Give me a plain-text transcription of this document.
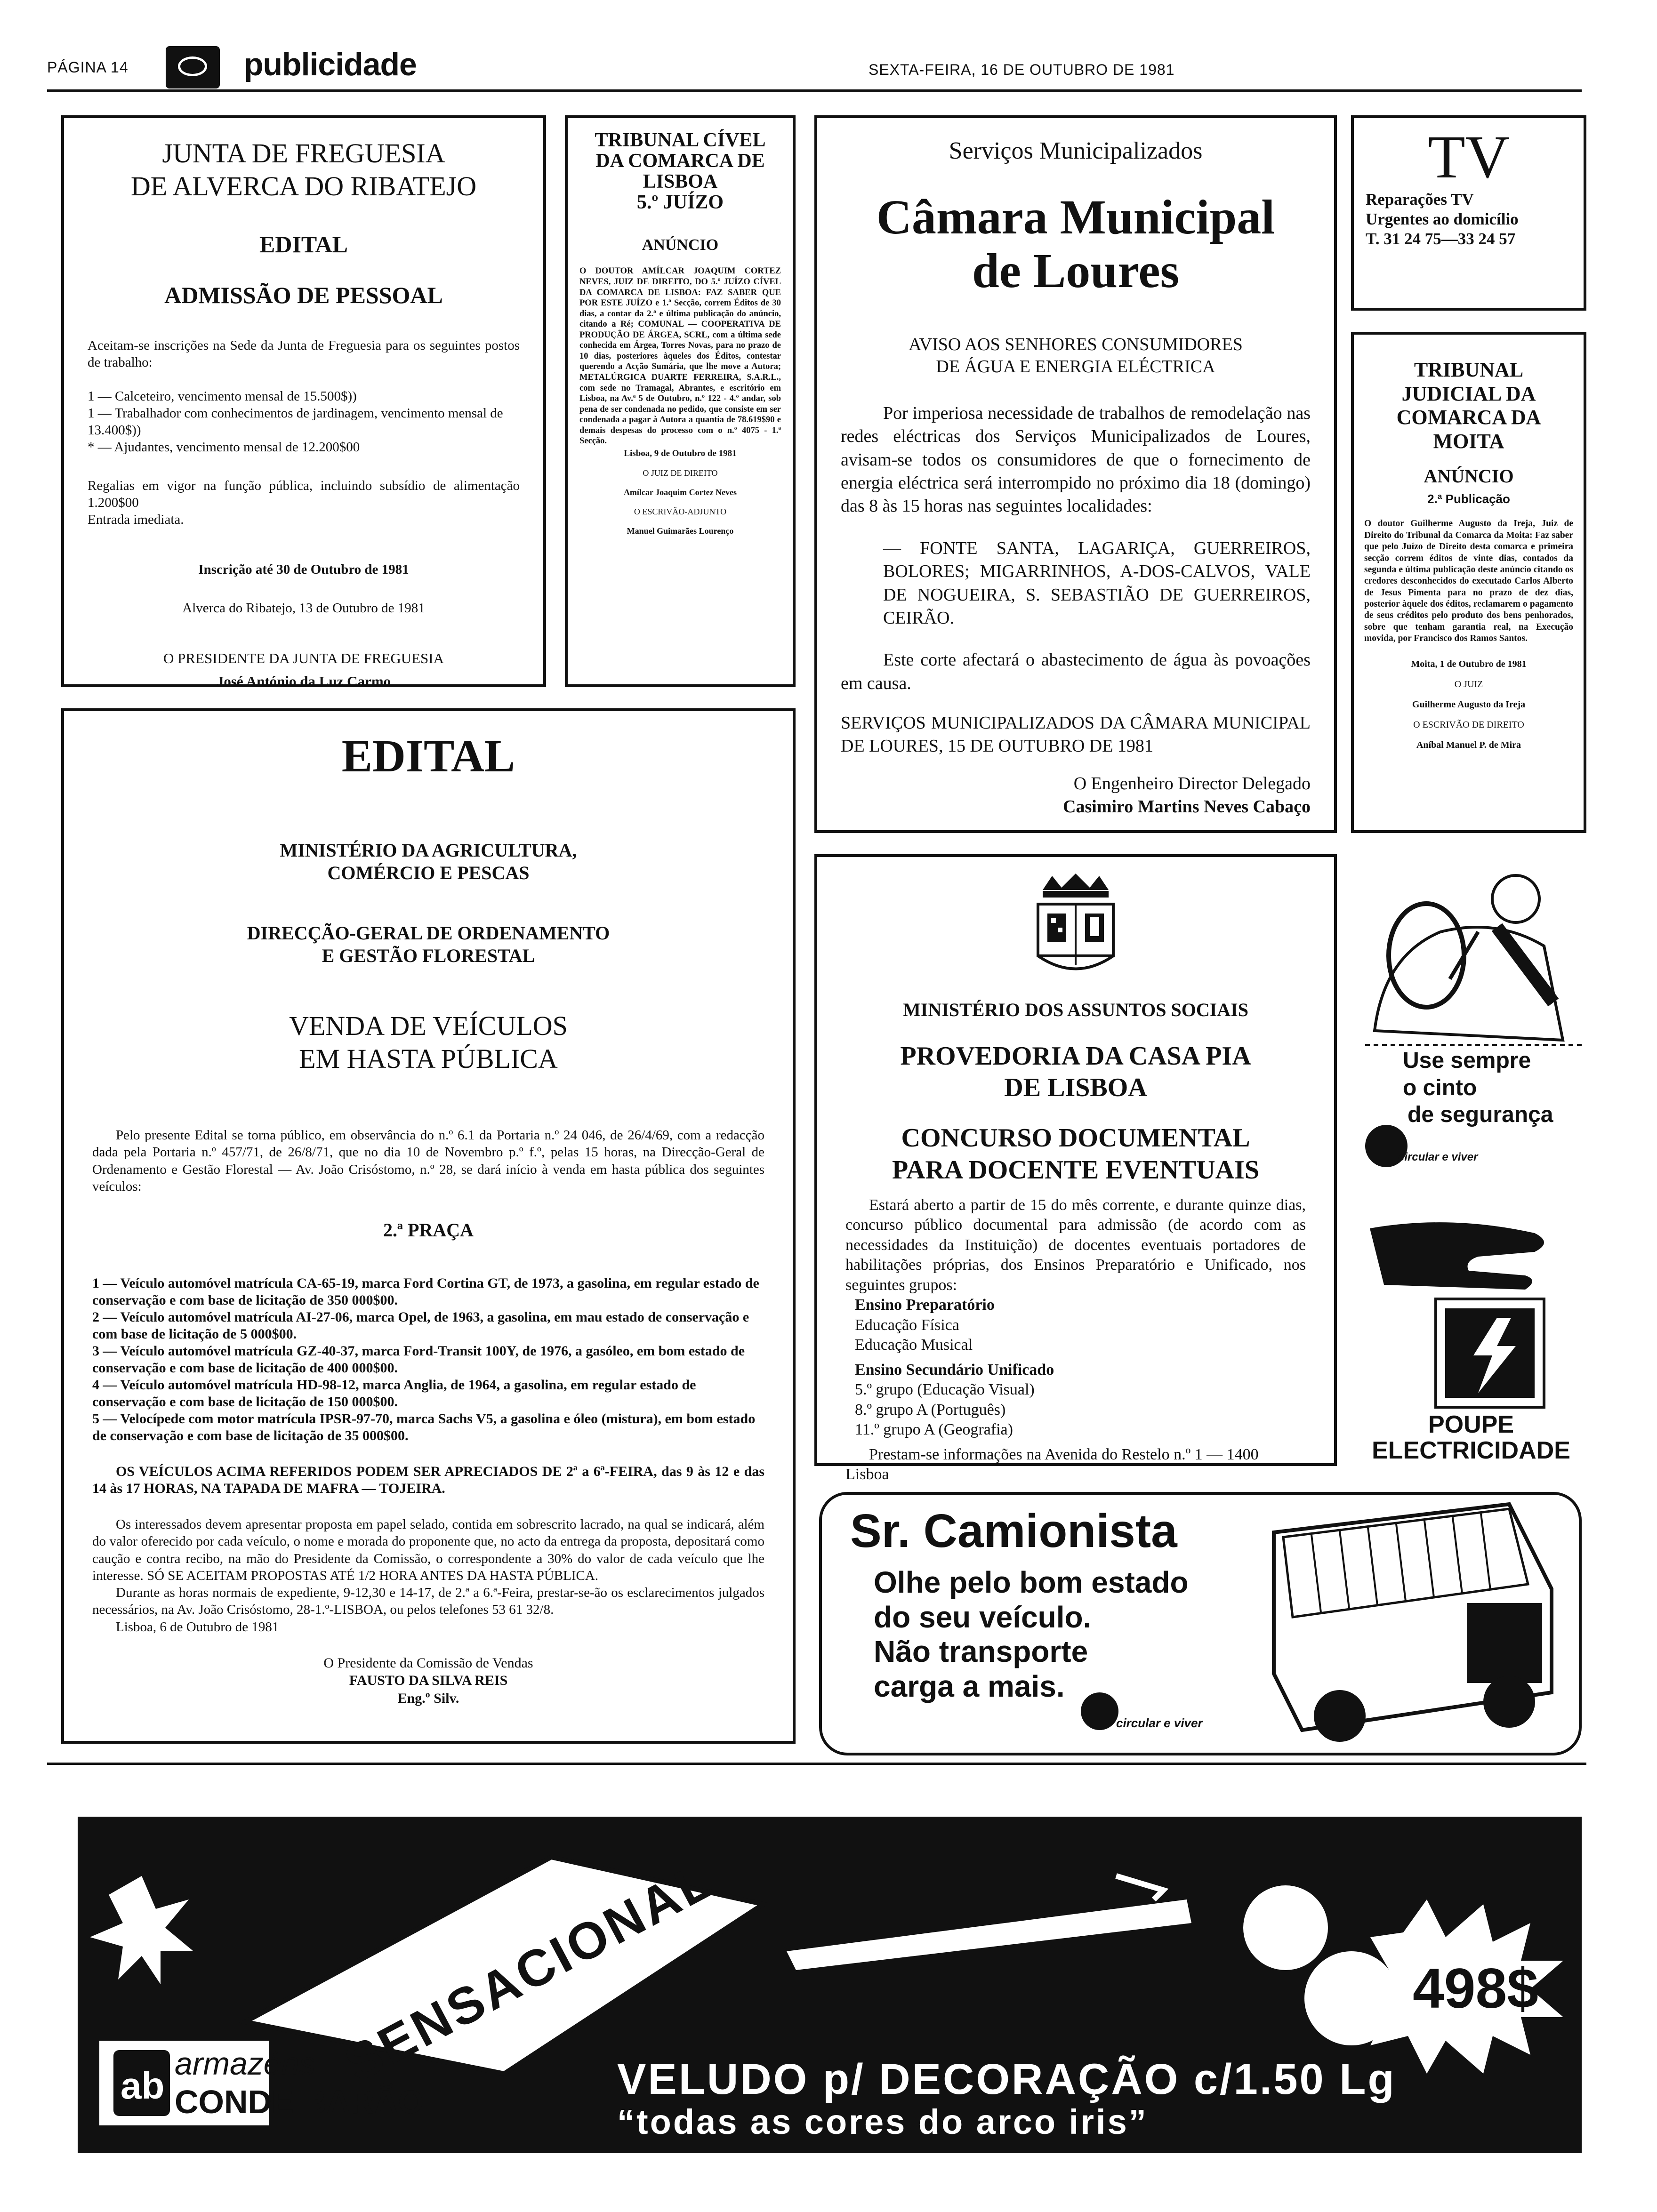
PÁGINA 14	publicidade	SEXTA-FEIRA, 16 DE OUTUBRO DE 1981
JUNTA DE FREGUESIA
DE ALVERCA DO RIBATEJO
EDITAL
ADMISSÃO DE PESSOAL

Aceitam-se inscrições na Sede da Junta de Freguesia para os seguintes postos de trabalho:

1 — Calceteiro, vencimento mensal de 15.500$))

1 — Trabalhador com conhecimentos de jardinagem, vencimento mensal de 13.400$))

* — Ajudantes, vencimento mensal de 12.200$00

Regalias em vigor na função pública, incluindo subsídio de alimentação 1.200$00

Entrada imediata.

Inscrição até 30 de Outubro de 1981

Alverca do Ribatejo, 13 de Outubro de 1981

O PRESIDENTE DA JUNTA DE FREGUESIA

José António da Luz Carmo

TRIBUNAL CÍVEL DA COMARCA DE LISBOA
5.º JUÍZO

ANÚNCIO

O DOUTOR AMÍLCAR JOAQUIM CORTEZ NEVES, JUIZ DE DIREITO, DO 5.º JUÍZO CÍVEL DA COMARCA DE LISBOA: FAZ SABER QUE POR ESTE JUÍZO e 1.ª Secção, correm Éditos de 30 dias, a contar da 2.ª e última publicação do anúncio, citando a Ré; COMUNAL — COOPERATIVA DE PRODUÇÃO DE ÁRGEA, SCRL, com a última sede conhecida em Árgea, Torres Novas, para no prazo de 10 dias, posteriores àqueles dos Éditos, contestar querendo a Acção Sumária, que lhe move a Autora; METALÚRGICA DUARTE FERREIRA, S.A.R.L., com sede no Tramagal, Abrantes, e escritório em Lisboa, na Av.ª 5 de Outubro, n.º 122 - 4.º andar, sob pena de ser condenada no pedido, que consiste em ser condenada a pagar à Autora a quantia de 78.619$90 e demais despesas do processo com o n.º 4075 - 1.ª Secção.

Lisboa, 9 de Outubro de 1981

O JUIZ DE DIREITO

Amílcar Joaquim Cortez Neves

O ESCRIVÃO-ADJUNTO

Manuel Guimarães Lourenço

Serviços Municipalizados
Câmara Municipal
de Loures
AVISO AOS SENHORES CONSUMIDORES
DE ÁGUA E ENERGIA ELÉCTRICA

Por imperiosa necessidade de trabalhos de remodelação nas redes eléctricas dos Serviços Municipalizados de Loures, avisam-se todos os consumidores de que o fornecimento de energia eléctrica será interrompido no próximo dia 18 (domingo) das 8 às 15 horas nas seguintes localidades:

— FONTE SANTA, LAGARIÇA, GUERREIROS, BOLORES; MIGARRINHOS, A-DOS-CALVOS, VALE DE NOGUEIRA, S. SEBASTIÃO DE GUERREIROS, CEIRÃO.

Este corte afectará o abastecimento de água às povoações em causa.

SERVIÇOS MUNICIPALIZADOS DA CÂMARA MUNICIPAL DE LOURES, 15 DE OUTUBRO DE 1981

O Engenheiro Director Delegado

Casimiro Martins Neves Cabaço

TV

Reparações TV

Urgentes ao domicílio

T. 31 24 75—33 24 57

TRIBUNAL JUDICIAL DA COMARCA DA MOITA

ANÚNCIO

2.ª Publicação

O doutor Guilherme Augusto da Ireja, Juiz de Direito do Tribunal da Comarca da Moita: Faz saber que pelo Juízo de Direito desta comarca e primeira secção correm éditos de vinte dias, contados da segunda e última publicação deste anúncio citando os credores desconhecidos do executado Carlos Alberto de Jesus Pimenta para no prazo de dez dias, posterior àquele dos éditos, reclamarem o pagamento de seus créditos pelo produto dos bens penhorados, sobre que tenham garantia real, na Execução movida, por Francisco dos Ramos Santos.

Moita, 1 de Outubro de 1981

O JUIZ

Guilherme Augusto da Ireja

O ESCRIVÃO DE DIREITO

Aníbal Manuel P. de Mira

EDITAL
MINISTÉRIO DA AGRICULTURA,
COMÉRCIO E PESCAS
DIRECÇÃO-GERAL DE ORDENAMENTO
E GESTÃO FLORESTAL
VENDA DE VEÍCULOS
EM HASTA PÚBLICA

Pelo presente Edital se torna público, em observância do n.º 6.1 da Portaria n.º 24 046, de 26/4/69, com a redacção dada pela Portaria n.º 457/71, de 26/8/71, que no dia 10 de Novembro p.º f.º, pelas 15 horas, na Direcção-Geral de Ordenamento e Gestão Florestal — Av. João Crisóstomo, n.º 28, se dará início à venda em hasta pública dos seguintes veículos:

2.ª PRAÇA

1 — Veículo automóvel matrícula CA-65-19, marca Ford Cortina GT, de 1973, a gasolina, em regular estado de conservação e com base de licitação de 350 000$00.

2 — Veículo automóvel matrícula AI-27-06, marca Opel, de 1963, a gasolina, em mau estado de conservação e com base de licitação de 5 000$00.

3 — Veículo automóvel matrícula GZ-40-37, marca Ford-Transit 100Y, de 1976, a gasóleo, em bom estado de conservação e com base de licitação de 400 000$00.

4 — Veículo automóvel matrícula HD-98-12, marca Anglia, de 1964, a gasolina, em regular estado de conservação e com base de licitação de 150 000$00.

5 — Velocípede com motor matrícula IPSR-97-70, marca Sachs V5, a gasolina e óleo (mistura), em bom estado de conservação e com base de licitação de 35 000$00.

OS VEÍCULOS ACIMA REFERIDOS PODEM SER APRECIADOS DE 2ª a 6ª-FEIRA, das 9 às 12 e das 14 às 17 HORAS, NA TAPADA DE MAFRA — TOJEIRA.

Os interessados devem apresentar proposta em papel selado, contida em sobrescrito lacrado, na qual se indicará, além do valor oferecido por cada veículo, o nome e morada do proponente que, no acto da entrega da proposta, depositará como caução e contra recibo, na mão do Presidente da Comissão, o correspondente a 30% do valor de cada veículo que lhe interesse. SÓ SE ACEITAM PROPOSTAS ATÉ 1/2 HORA ANTES DA HASTA PÚBLICA.

Durante as horas normais de expediente, 9-12,30 e 14-17, de 2.ª a 6.ª-Feira, prestar-se-ão os esclarecimentos julgados necessários, na Av. João Crisóstomo, 28-1.º-LISBOA, ou pelos telefones 53 61 32/8.

Lisboa, 6 de Outubro de 1981

O Presidente da Comissão de Vendas

FAUSTO DA SILVA REIS

Eng.º Silv.

MINISTÉRIO DOS ASSUNTOS SOCIAIS

PROVEDORIA DA CASA PIA
DE LISBOA
CONCURSO DOCUMENTAL
PARA DOCENTE EVENTUAIS

Estará aberto a partir de 15 do mês corrente, e durante quinze dias, concurso público documental para admissão (de acordo com as necessidades da Instituição) de docentes eventuais portadores de habilitações próprias, dos Ensinos Preparatório e Unificado, nos seguintes grupos:

Ensino Preparatório

Educação Física

Educação Musical

Ensino Secundário Unificado

5.º grupo (Educação Visual)

8.º grupo A (Português)

11.º grupo A (Geografia)

Prestam-se informações na Avenida do Restelo n.º 1 — 1400 Lisboa

Use sempre
o cinto
de segurança
circular e viver
POUPE
ELECTRICIDADE
Sr. Camionista
Olhe pelo bom estado
do seu veículo.
Não transporte
carga a mais.
circular e viver
SENSACIONAL	498$
ab
armazéns
CONDE BARÃO	VELUDO p/ DECORAÇÃO c/1.50 Lg
“todas as cores do arco iris”
